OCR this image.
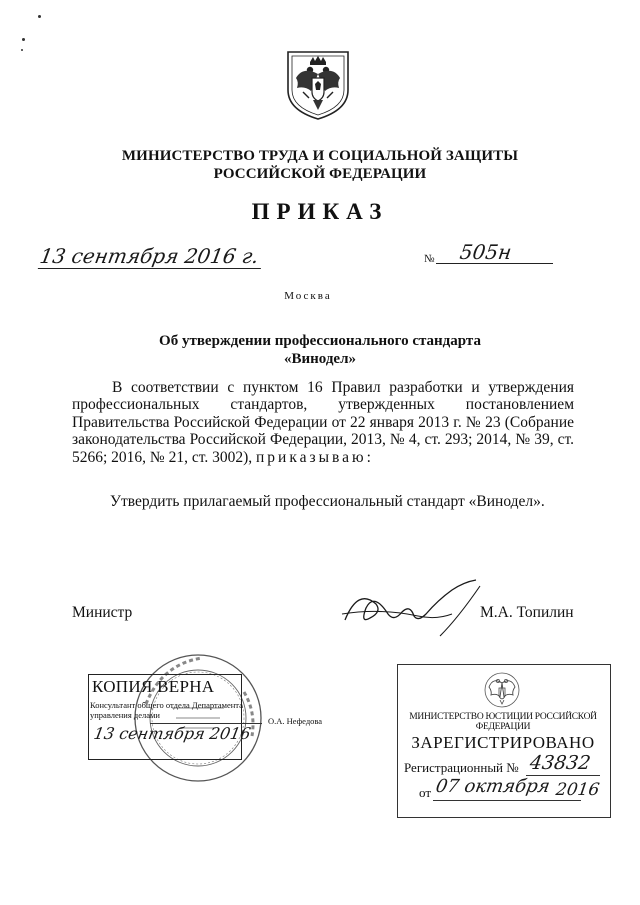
МИНИСТЕРСТВО ТРУДА И СОЦИАЛЬНОЙ ЗАЩИТЫ
РОССИЙСКОЙ ФЕДЕРАЦИИ
ПРИКАЗ
13 сентября 2016 г.	№ 505н
Москва
Об утверждении профессионального стандарта
«Винодел»
В соответствии с пунктом 16 Правил разработки и утверждения профессиональных стандартов, утвержденных постановлением Правительства Российской Федерации от 22 января 2013 г. № 23 (Собрание законодательства Российской Федерации, 2013, № 4, ст. 293; 2014, № 39, ст. 5266; 2016, № 21, ст. 3002), приказываю:
Утвердить прилагаемый профессиональный стандарт «Винодел».
Министр	М.А. Топилин
КОПИЯ ВЕРНА
Консультант общего отдела Департамента управления делами
О.А. Нефедова
13 сентября 2016
МИНИСТЕРСТВО ЮСТИЦИИ РОССИЙСКОЙ ФЕДЕРАЦИИ
ЗАРЕГИСТРИРОВАНО
Регистрационный № 43832
от 07 октября 2016
